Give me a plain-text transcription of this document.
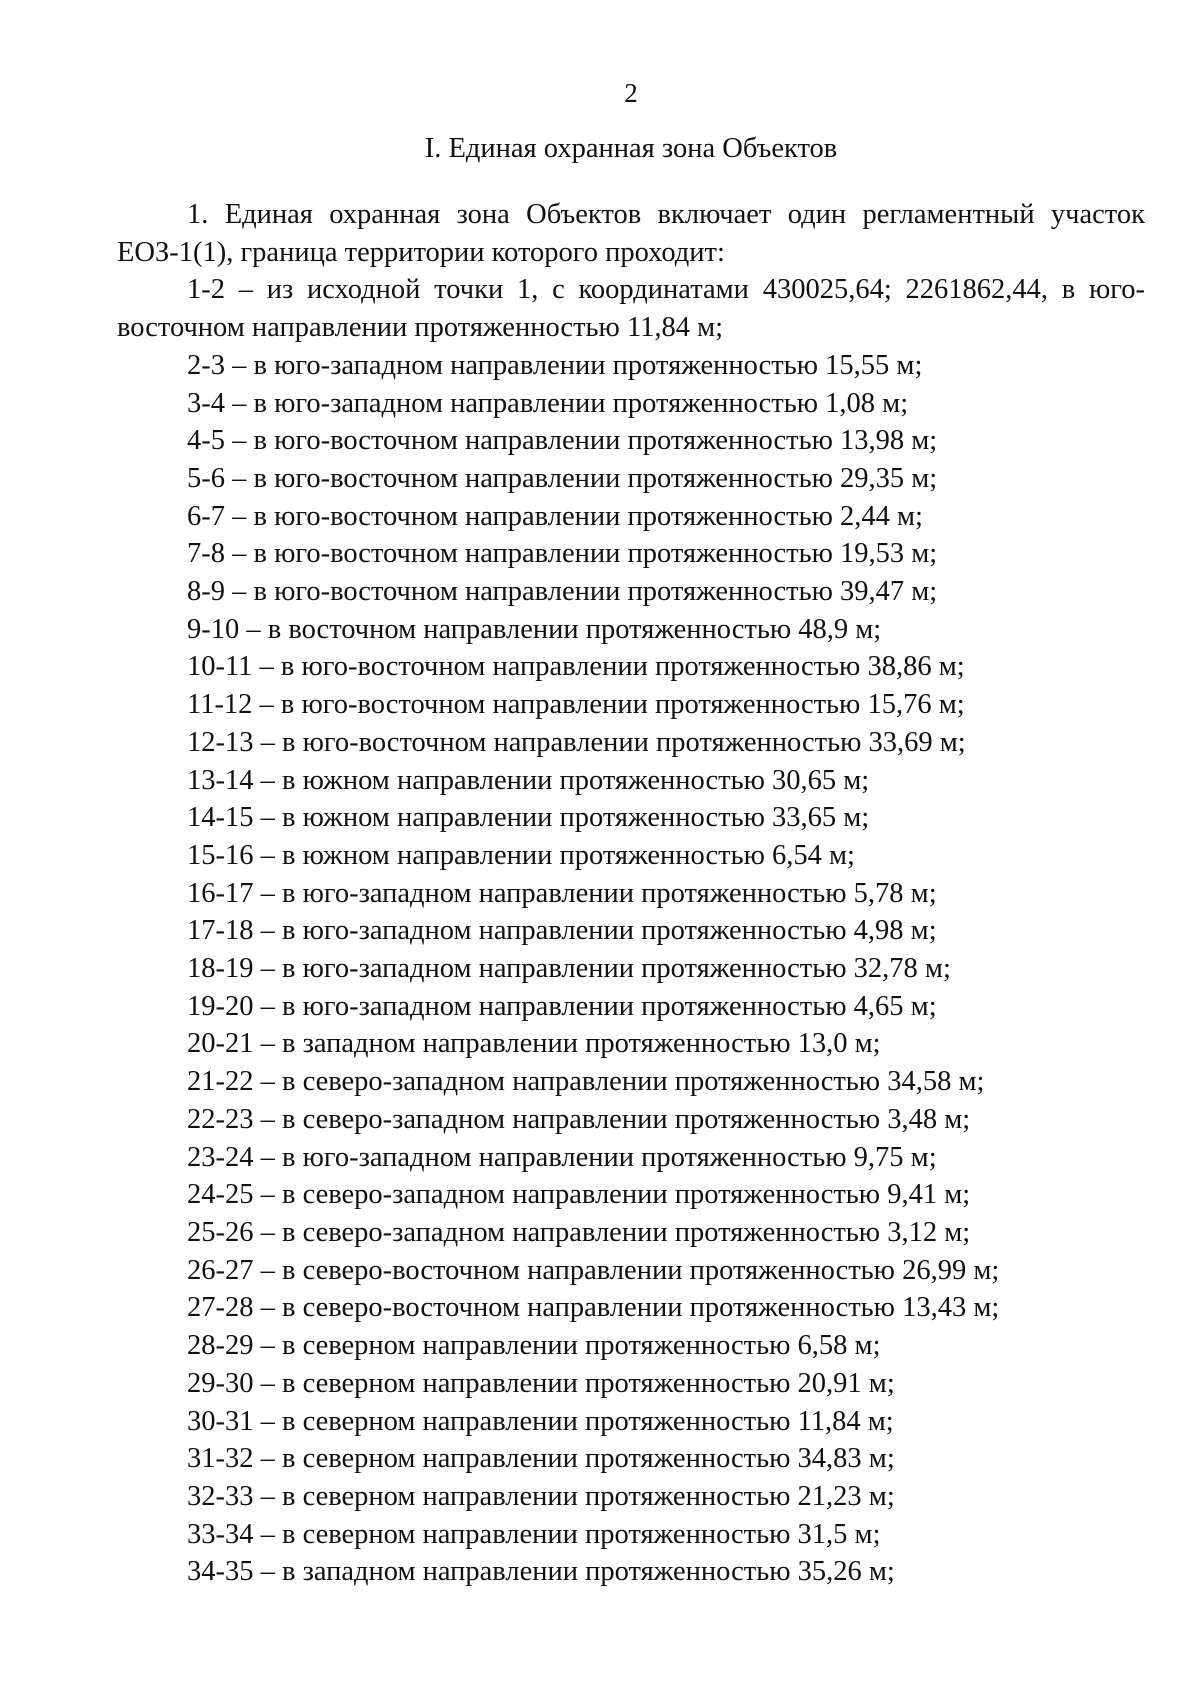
2
I. Единая охранная зона Объектов

1. Единая охранная зона Объектов включает один регламентный участок
ЕОЗ-1(1), граница территории которого проходит:

1-2 – из исходной точки 1, с координатами 430025,64; 2261862,44, в юго-
восточном направлении протяженностью 11,84 м;

2-3 – в юго-западном направлении протяженностью 15,55 м;

3-4 – в юго-западном направлении протяженностью 1,08 м;

4-5 – в юго-восточном направлении протяженностью 13,98 м;

5-6 – в юго-восточном направлении протяженностью 29,35 м;

6-7 – в юго-восточном направлении протяженностью 2,44 м;

7-8 – в юго-восточном направлении протяженностью 19,53 м;

8-9 – в юго-восточном направлении протяженностью 39,47 м;

9-10 – в восточном направлении протяженностью 48,9 м;

10-11 – в юго-восточном направлении протяженностью 38,86 м;

11-12 – в юго-восточном направлении протяженностью 15,76 м;

12-13 – в юго-восточном направлении протяженностью 33,69 м;

13-14 – в южном направлении протяженностью 30,65 м;

14-15 – в южном направлении протяженностью 33,65 м;

15-16 – в южном направлении протяженностью 6,54 м;

16-17 – в юго-западном направлении протяженностью 5,78 м;

17-18 – в юго-западном направлении протяженностью 4,98 м;

18-19 – в юго-западном направлении протяженностью 32,78 м;

19-20 – в юго-западном направлении протяженностью 4,65 м;

20-21 – в западном направлении протяженностью 13,0 м;

21-22 – в северо-западном направлении протяженностью 34,58 м;

22-23 – в северо-западном направлении протяженностью 3,48 м;

23-24 – в юго-западном направлении протяженностью 9,75 м;

24-25 – в северо-западном направлении протяженностью 9,41 м;

25-26 – в северо-западном направлении протяженностью 3,12 м;

26-27 – в северо-восточном направлении протяженностью 26,99 м;

27-28 – в северо-восточном направлении протяженностью 13,43 м;

28-29 – в северном направлении протяженностью 6,58 м;

29-30 – в северном направлении протяженностью 20,91 м;

30-31 – в северном направлении протяженностью 11,84 м;

31-32 – в северном направлении протяженностью 34,83 м;

32-33 – в северном направлении протяженностью 21,23 м;

33-34 – в северном направлении протяженностью 31,5 м;

34-35 – в западном направлении протяженностью 35,26 м;
